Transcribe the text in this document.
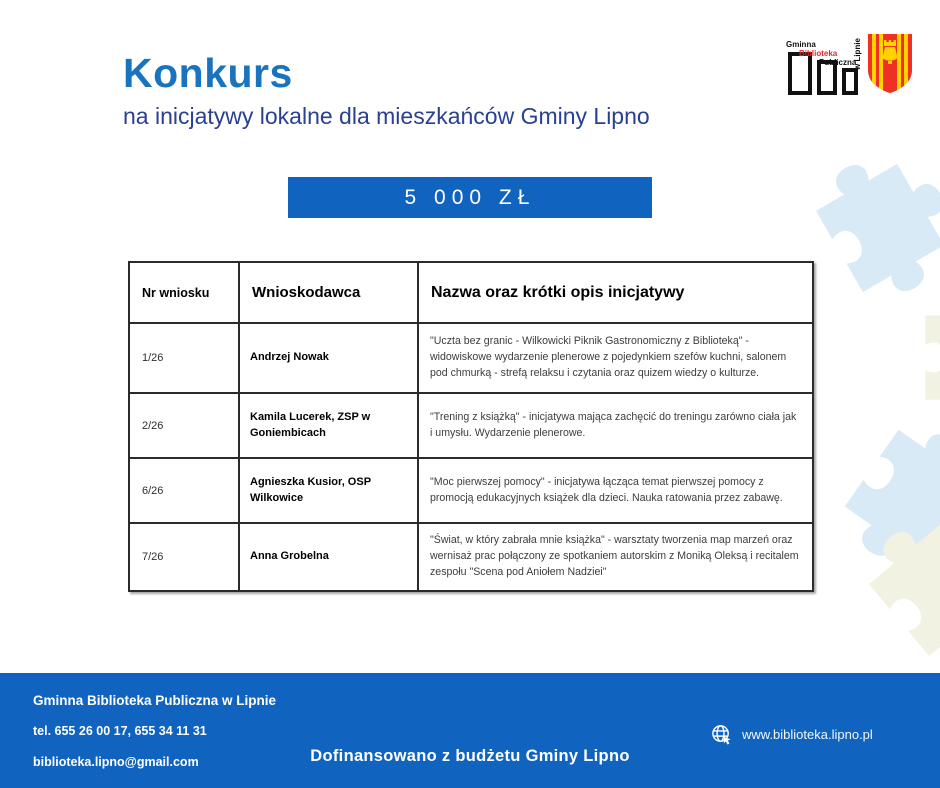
Konkurs
na inicjatywy lokalne dla mieszkańców Gminy Lipno
Gminna
Biblioteka
Publiczna
w Lipnie
5 000 ZŁ
Nr wniosku	Wnioskodawca	Nazwa oraz krótki opis inicjatywy
1/26	Andrzej Nowak	"Uczta bez granic - Wilkowicki Piknik Gastronomiczny z Biblioteką" - widowiskowe wydarzenie plenerowe z pojedynkiem szefów kuchni, salonem pod chmurką - strefą relaksu i czytania oraz quizem wiedzy o kulturze.
2/26	Kamila Lucerek, ZSP w Goniembicach	"Trening z książką" - inicjatywa mająca zachęcić do treningu zarówno ciała jak i umysłu. Wydarzenie plenerowe.
6/26	Agnieszka Kusior, OSP Wilkowice	"Moc pierwszej pomocy" - inicjatywa łącząca temat pierwszej pomocy z promocją edukacyjnych książek dla dzieci. Nauka ratowania przez zabawę.
7/26	Anna Grobelna	"Świat, w który zabrała mnie książka" - warsztaty tworzenia map marzeń oraz wernisaż prac połączony ze spotkaniem autorskim z Moniką Oleksą i recitalem zespołu "Scena pod Aniołem Nadziei"
Gminna Biblioteka Publiczna w Lipnie
tel. 655 26 00 17, 655 34 11 31
biblioteka.lipno@gmail.com	Dofinansowano z budżetu Gminy Lipno
www.biblioteka.lipno.pl
